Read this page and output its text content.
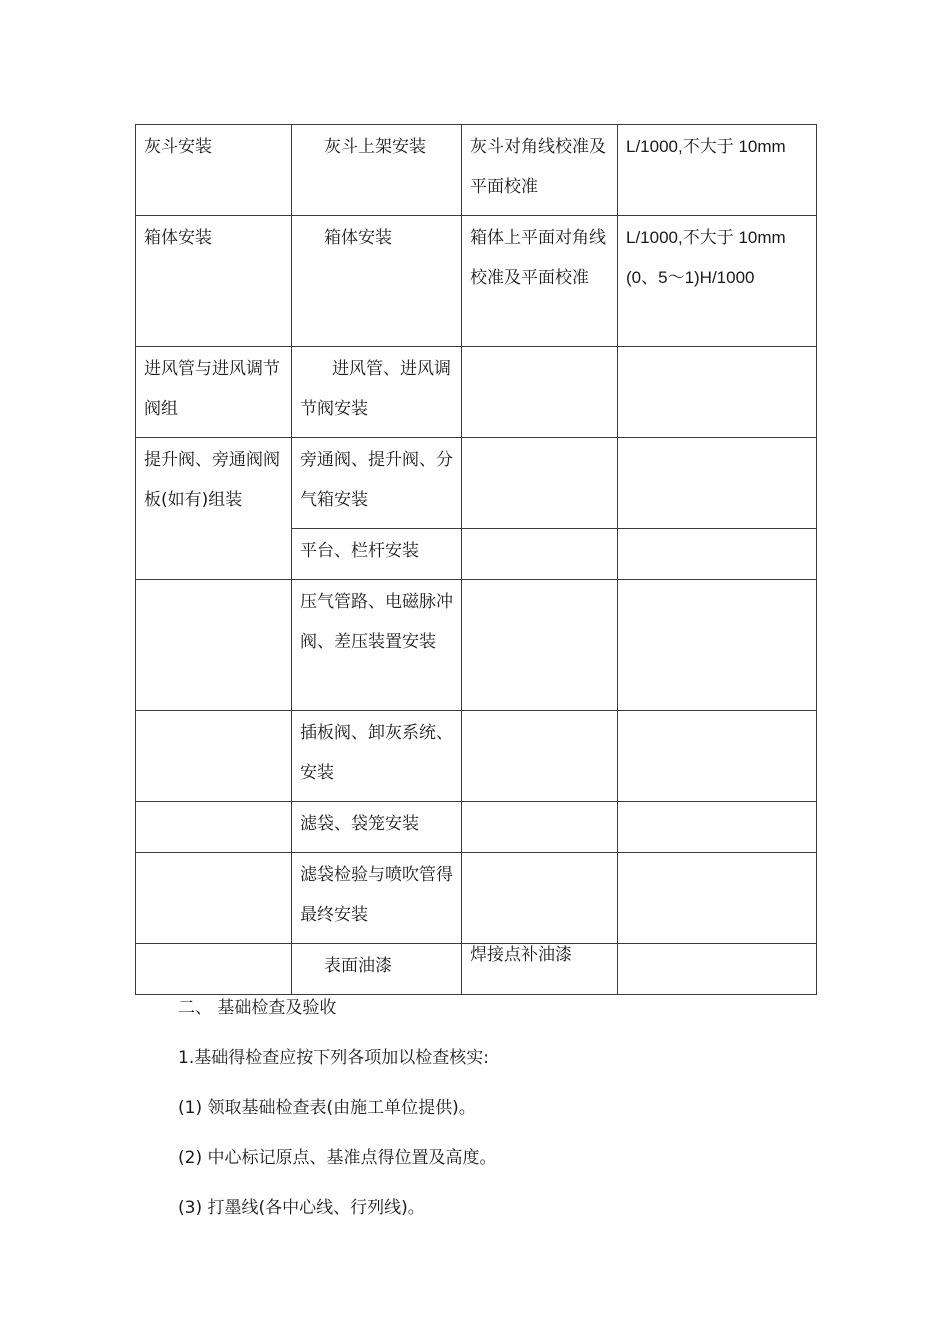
灰斗安装	灰斗上架安装	灰斗对角线校准及平面校准	L/1000,不大于 10mm
箱体安装	箱体安装	箱体上平面对角线校准及平面校准	L/1000,不大于 10mm(0、5～1)H/1000
进风管与进风调节阀组	进风管、进风调节阀安装		
提升阀、旁通阀阀板(如有)组装	旁通阀、提升阀、分气箱安装		
	平台、栏杆安装		
	压气管路、电磁脉冲阀、差压装置安装		
	插板阀、卸灰系统、安装		
	滤袋、袋笼安装		
	滤袋检验与喷吹管得最终安装		
	表面油漆	焊接点补油漆	
二、 基础检查及验收
1.基础得检查应按下列各项加以检查核实:
(1) 领取基础检查表(由施工单位提供)。
(2) 中心标记原点、基准点得位置及高度。
(3) 打墨线(各中心线、行列线)。
